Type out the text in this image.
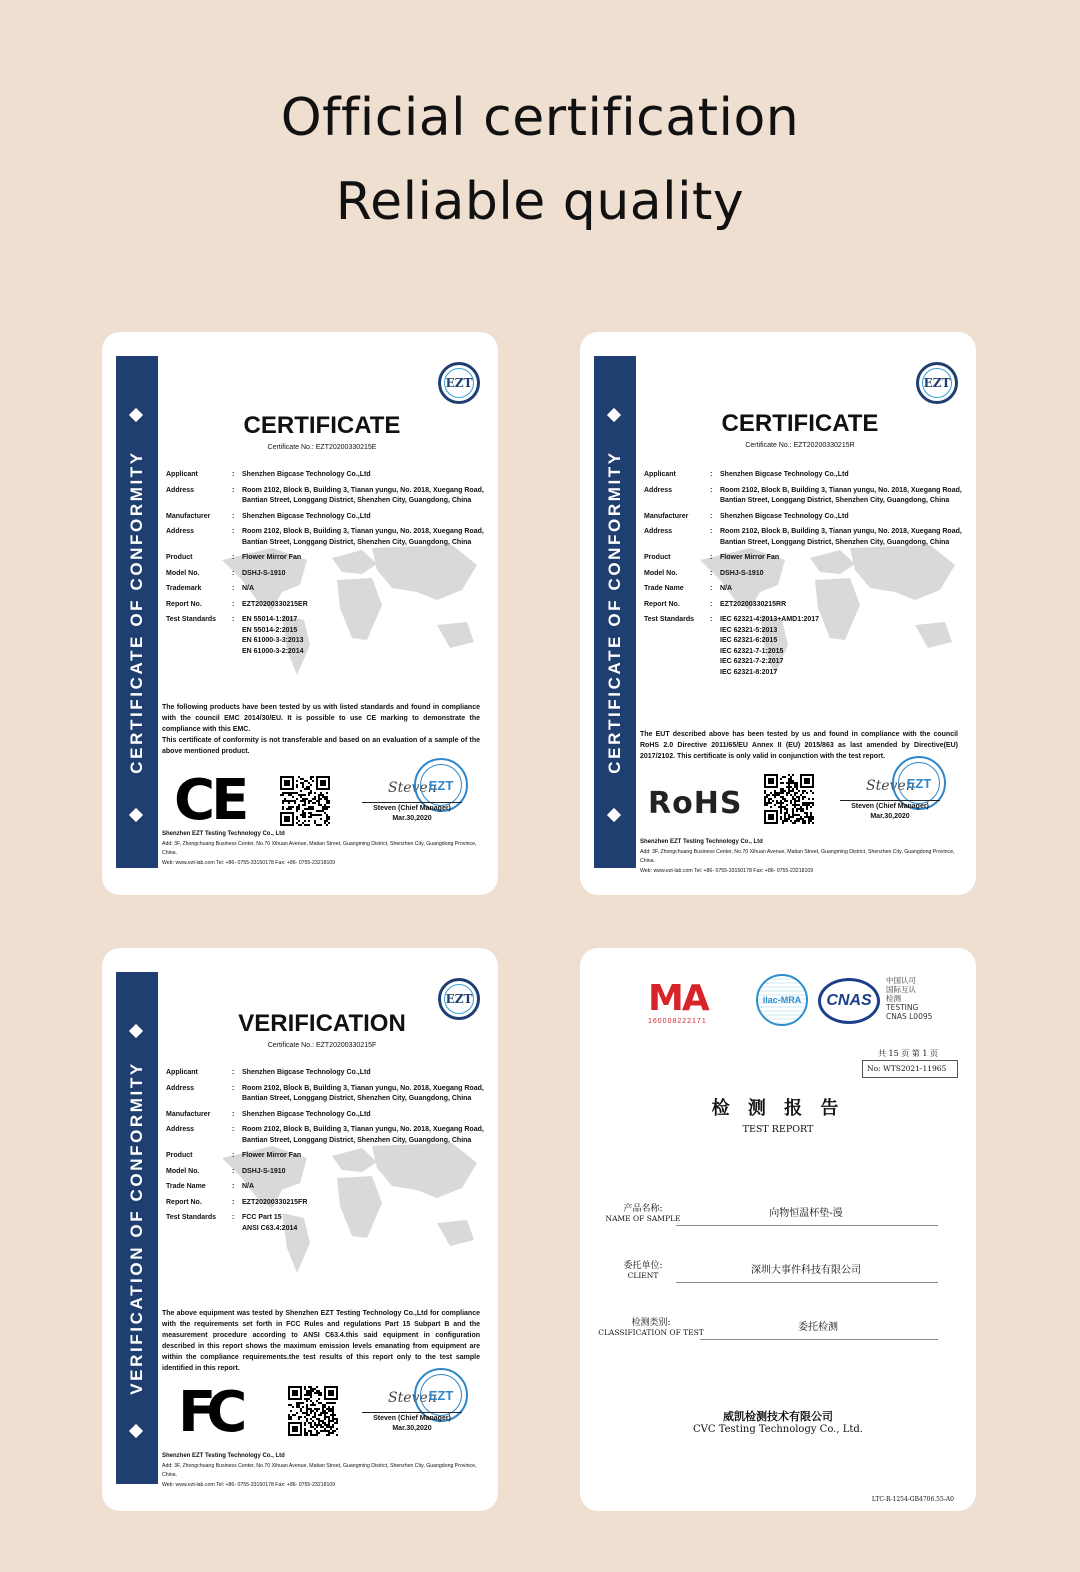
Official certification
Reliable quality
CERTIFICATE OF CONFORMITY
EZT
CERTIFICATE
Certificate No.: EZT20200330215E
Applicant	:	Shenzhen Bigcase Technology Co.,Ltd
Address	:	Room 2102, Block B, Building 3, Tianan yungu, No. 2018, Xuegang Road, Bantian Street, Longgang District, Shenzhen City, Guangdong, China
Manufacturer	:	Shenzhen Bigcase Technology Co.,Ltd
Address	:	Room 2102, Block B, Building 3, Tianan yungu, No. 2018, Xuegang Road, Bantian Street, Longgang District, Shenzhen City, Guangdong, China
Product	:	Flower Mirror Fan
Model No.	:	DSHJ-S-1910
Trademark	:	N/A
Report No.	:	EZT20200330215ER
Test Standards	:	EN 55014-1:2017
EN 55014-2:2015
EN 61000-3-3:2013
EN 61000-3-2:2014
The following products have been tested by us with listed standards and found in compliance with the council EMC 2014/30/EU. It is possible to use CE marking to demonstrate the compliance with this EMC.
This certificate of conformity is not transferable and based on an evaluation of a sample of the above mentioned product.
CE	Steven
EZT
Steven (Chief Manager)
Mar.30,2020
Shenzhen EZT Testing Technology Co., Ltd
Add: 3F, Zhongchuang Business Center, No.70 Xihuan Avenue, Matian Street, Guangming District, Shenzhen City, Guangdong Province, China.
Web: www.ezt-lab.com Tel: +86- 0755-33150178 Fax: +86- 0755-23218109
CERTIFICATE OF CONFORMITY
EZT
CERTIFICATE
Certificate No.: EZT20200330215R
Applicant	:	Shenzhen Bigcase Technology Co.,Ltd
Address	:	Room 2102, Block B, Building 3, Tianan yungu, No. 2018, Xuegang Road, Bantian Street, Longgang District, Shenzhen City, Guangdong, China
Manufacturer	:	Shenzhen Bigcase Technology Co.,Ltd
Address	:	Room 2102, Block B, Building 3, Tianan yungu, No. 2018, Xuegang Road, Bantian Street, Longgang District, Shenzhen City, Guangdong, China
Product	:	Flower Mirror Fan
Model No.	:	DSHJ-S-1910
Trade Name	:	N/A
Report No.	:	EZT20200330215RR
Test Standards	:	IEC 62321-4:2013+AMD1:2017
IEC 62321-5:2013
IEC 62321-6:2015
IEC 62321-7-1:2015
IEC 62321-7-2:2017
IEC 62321-8:2017
The EUT described above has been tested by us and found in compliance with the council RoHS 2.0 Directive 2011/65/EU Annex II (EU) 2015/863 as last amended by Directive(EU) 2017/2102. This certificate is only valid in conjunction with the test report.
RoHS	Steven
EZT
Steven (Chief Manager)
Mar.30,2020
Shenzhen EZT Testing Technology Co., Ltd
Add: 3F, Zhongchuang Business Center, No.70 Xihuan Avenue, Matian Street, Guangming District, Shenzhen City, Guangdong Province, China.
Web: www.ezt-lab.com Tel: +86- 0755-33150178 Fax: +86- 0755-23218109
VERIFICATION OF CONFORMITY
EZT
VERIFICATION
Certificate No.: EZT20200330215F
Applicant	:	Shenzhen Bigcase Technology Co.,Ltd
Address	:	Room 2102, Block B, Building 3, Tianan yungu, No. 2018, Xuegang Road, Bantian Street, Longgang District, Shenzhen City, Guangdong, China
Manufacturer	:	Shenzhen Bigcase Technology Co.,Ltd
Address	:	Room 2102, Block B, Building 3, Tianan yungu, No. 2018, Xuegang Road, Bantian Street, Longgang District, Shenzhen City, Guangdong, China
Product	:	Flower Mirror Fan
Model No.	:	DSHJ-S-1910
Trade Name	:	N/A
Report No.	:	EZT20200330215FR
Test Standards	:	FCC Part 15
ANSI C63.4:2014
The above equipment was tested by Shenzhen EZT Testing Technology Co.,Ltd for compliance with the requirements set forth in FCC Rules and regulations Part 15 Subpart B and the measurement procedure according to ANSI C63.4.this said equipment in configuration described in this report shows the maximum emission levels emanating from equipment are within the compliance requirements.the test results of this report only to the test sample identified in this report.
FC	Steven
EZT
Steven (Chief Manager)
Mar.30,2020
Shenzhen EZT Testing Technology Co., Ltd
Add: 3F, Zhongchuang Business Center, No.70 Xihuan Avenue, Matian Street, Guangming District, Shenzhen City, Guangdong Province, China.
Web: www.ezt-lab.com Tel: +86- 0755-33150178 Fax: +86- 0755-23218109
MA
160008222171
ilac-MRA	CNAS
中国认可
国际互认
检测
TESTING
CNAS L0095
共 15 页 第 1 页
No: WTS2021-11965
检 测 报 告
TEST REPORT
产品名称:
NAME OF SAMPLE	向物恒温杯垫-漫
委托单位:
CLIENT	深圳大事件科技有限公司
检测类别:
CLASSIFICATION OF TEST	委托检测
威凯检测技术有限公司
CVC Testing Technology Co., Ltd.
LTC-R-1254-GB4706.55-A0
